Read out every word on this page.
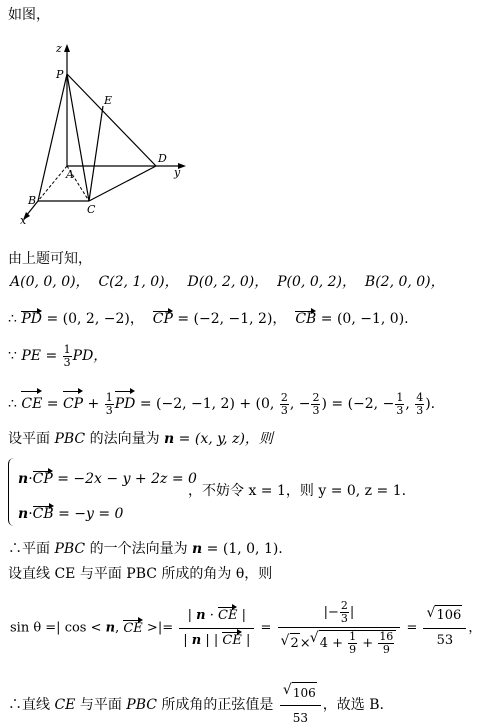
如图，
z
P
E
A
D
y
B
C
x
由上题可知，
A(0, 0, 0)， C(2, 1, 0)， D(0, 2, 0)， P(0, 0, 2)， B(2, 0, 0)，
∴ PD = (0, 2, −2)， CP = (−2, −1, 2)， CB = (0, −1, 0).
∵ PE = $\frac{1}{3}$ PD，
∴ CE = CP + $\frac{1}{3}$ PD = (−2, −1, 2) + (0, $\frac{2}{3}$ , − $\frac{2}{3}$ ) = (−2, − $\frac{1}{3}$ , $\frac{4}{3}$ ).
设平面 PBC 的法向量为 n = (x, y, z)，则
n·CP = −2x − y + 2z = 0
，不妨令 x = 1，则 y = 0, z = 1.
n·CB = −y = 0
∴平面 PBC 的一个法向量为 n = (1, 0, 1).
设直线 CE 与平面 PBC 所成的角为 θ，则
sin θ =| cos < n, CE >|= $\frac{| n \cdot CE |}{| n | | CE |}$ = |− $\frac{2}{3}$ |
√ 2× √ $4 + \frac{1}{9} + \frac{16}{9}$ = √ $\frac{106}{53}$ ，
∴直线 CE 与平面 PBC 所成角的正弦值是 √ $\frac{106}{53}$ ，故选 B.
